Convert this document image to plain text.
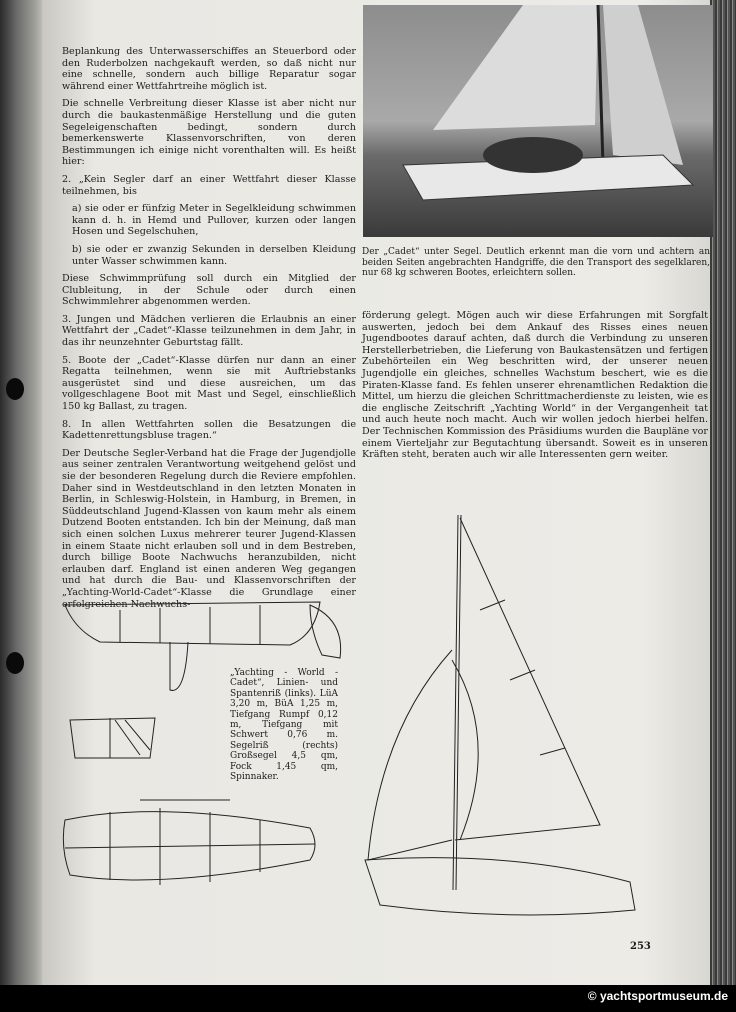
Beplankung des Unterwasserschiffes an Steuerbord oder den Ruderbolzen nachgekauft werden, so daß nicht nur eine schnelle, sondern auch billige Reparatur sogar während einer Wettfahrtreihe möglich ist.

Die schnelle Verbreitung dieser Klasse ist aber nicht nur durch die baukastenmäßige Herstellung und die guten Segeleigenschaften bedingt, sondern durch bemerkenswerte Klassenvorschriften, von deren Bestimmungen ich einige nicht vorenthalten will. Es heißt hier:

2. „Kein Segler darf an einer Wettfahrt dieser Klasse teilnehmen, bis

a) sie oder er fünfzig Meter in Segelkleidung schwimmen kann d. h. in Hemd und Pullover, kurzen oder langen Hosen und Segelschuhen,

b) sie oder er zwanzig Sekunden in derselben Kleidung unter Wasser schwimmen kann.

Diese Schwimmprüfung soll durch ein Mitglied der Clubleitung, in der Schule oder durch einen Schwimmlehrer abgenommen werden.

3. Jungen und Mädchen verlieren die Erlaubnis an einer Wettfahrt der „Cadet“-Klasse teilzunehmen in dem Jahr, in das ihr neunzehnter Geburtstag fällt.

5. Boote der „Cadet“-Klasse dürfen nur dann an einer Regatta teilnehmen, wenn sie mit Auftriebstanks ausgerüstet sind und diese ausreichen, um das vollgeschlagene Boot mit Mast und Segel, einschließlich 150 kg Ballast, zu tragen.

8. In allen Wettfahrten sollen die Besatzungen die Kadettenrettungsbluse tragen.“

Der Deutsche Segler-Verband hat die Frage der Jugendjolle aus seiner zentralen Verantwortung weitgehend gelöst und sie der besonderen Regelung durch die Reviere empfohlen. Daher sind in Westdeutschland in den letzten Monaten in Berlin, in Schleswig-Holstein, in Hamburg, in Bremen, in Süddeutschland Jugend-Klassen von kaum mehr als einem Dutzend Booten entstanden. Ich bin der Meinung, daß man sich einen solchen Luxus mehrerer teurer Jugend-Klassen in einem Staate nicht erlauben soll und in dem Bestreben, durch billige Boote Nachwuchs heranzubilden, nicht erlauben darf. England ist einen anderen Weg gegangen und hat durch die Bau- und Klassenvorschriften der „Yachting-World-Cadet“-Klasse die Grundlage einer erfolgreichen Nachwuchs-

Der „Cadet“ unter Segel. Deutlich erkennt man die vorn und achtern an beiden Seiten angebrachten Handgriffe, die den Transport des segelklaren, nur 68 kg schweren Bootes, erleichtern sollen.

förderung gelegt. Mögen auch wir diese Erfahrungen mit Sorgfalt auswerten, jedoch bei dem Ankauf des Risses eines neuen Jugendbootes darauf achten, daß durch die Verbindung zu unseren Herstellerbetrieben, die Lieferung von Baukastensätzen und fertigen Zubehörteilen ein Weg beschritten wird, der unserer neuen Jugendjolle ein gleiches, schnelles Wachstum beschert, wie es die Piraten-Klasse fand. Es fehlen unserer ehrenamtlichen Redaktion die Mittel, um hierzu die gleichen Schrittmacherdienste zu leisten, wie es die englische Zeitschrift „Yachting World“ in der Vergangenheit tat und auch heute noch macht. Auch wir wollen jedoch hierbei helfen. Der Technischen Kommission des Präsidiums wurden die Baupläne vor einem Vierteljahr zur Begutachtung übersandt. Soweit es in unseren Kräften steht, beraten auch wir alle Interessenten gern weiter.

„Yachting - World - Cadet“, Linien- und Spantenriß (links). LüA 3,20 m, BüA 1,25 m, Tiefgang Rumpf 0,12 m, Tiefgang mit Schwert 0,76 m. Segelriß (rechts) Großsegel 4,5 qm, Fock 1,45 qm, Spinnaker.
253
© yachtsportmuseum.de
